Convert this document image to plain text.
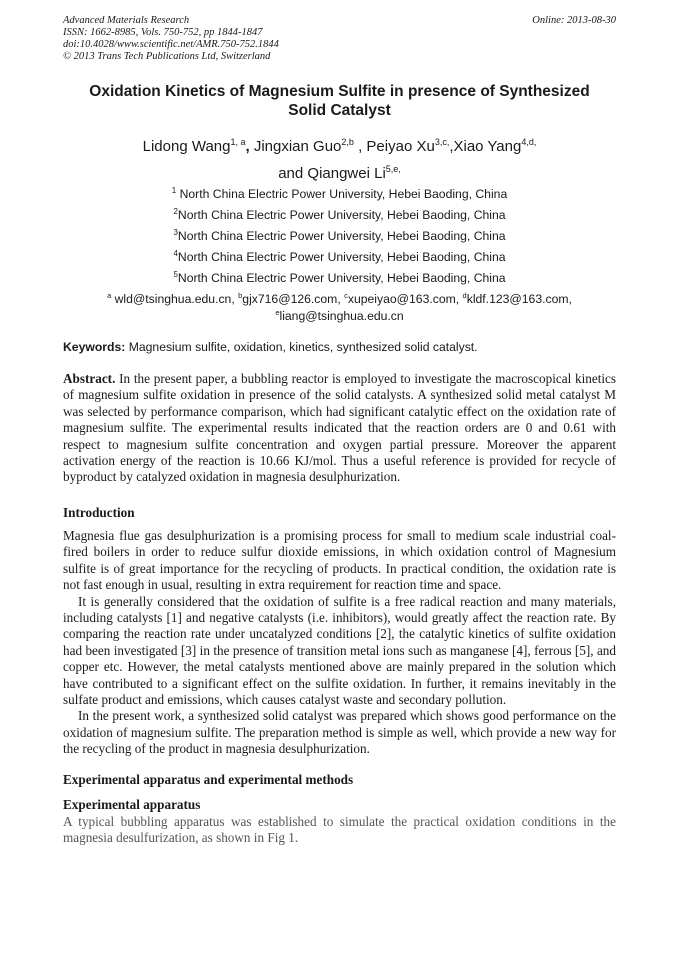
Advanced Materials Research
ISSN: 1662-8985, Vols. 750-752, pp 1844-1847
doi:10.4028/www.scientific.net/AMR.750-752.1844
© 2013 Trans Tech Publications Ltd, Switzerland
Online: 2013-08-30
Oxidation Kinetics of Magnesium Sulfite in presence of Synthesized
Solid Catalyst
Lidong Wang$^{1, a}$, Jingxian Guo$^{2,b}$ , Peiyao $Xu^{3,c,},Xiao$ Yang$^{4,d,}$
and Qiangwei $Li^{5,e,}$
$^1$ North China Electric Power University, Hebei Baoding, China
$^2$North China Electric Power University, Hebei Baoding, China
$^3$North China Electric Power University, Hebei Baoding, China
$^4$North China Electric Power University, Hebei Baoding, China
$^5$North China Electric Power University, Hebei Baoding, China
$^a$ wld@tsinghua.edu.cn, $^b$gjx716@126.com, $^c$xupeiyao@163.com, $^d$kldf.123@163.com,
$^e$liang@tsinghua.edu.cn
Keywords: Magnesium sulfite, oxidation, kinetics, synthesized solid catalyst.

Abstract. In the present paper, a bubbling reactor is employed to investigate the macroscopical kinetics of magnesium sulfite oxidation in presence of the solid catalysts. A synthesized solid metal catalyst M was selected by performance comparison, which had significant catalytic effect on the oxidation rate of magnesium sulfite. The experimental results indicated that the reaction orders are 0 and 0.61 with respect to magnesium sulfite concentration and oxygen partial pressure. Moreover the apparent activation energy of the reaction is 10.66 KJ/mol. Thus a useful reference is provided for recycle of byproduct by catalyzed oxidation in magnesia desulphurization.

Introduction

Magnesia flue gas desulphurization is a promising process for small to medium scale industrial coal-fired boilers in order to reduce sulfur dioxide emissions, in which oxidation control of Magnesium sulfite is of great importance for the recycling of products. In practical condition, the oxidation rate is not fast enough in usual, resulting in extra requirement for reaction time and space.

It is generally considered that the oxidation of sulfite is a free radical reaction and many materials, including catalysts [1] and negative catalysts (i.e. inhibitors), would greatly affect the reaction rate. By comparing the reaction rate under uncatalyzed conditions [2], the catalytic kinetics of sulfite oxidation had been investigated [3] in the presence of transition metal ions such as manganese [4], ferrous [5], and copper etc. However, the metal catalysts mentioned above are mainly prepared in the solution which have contributed to a significant effect on the sulfite oxidation. In further, it remains inevitably in the sulfate product and emissions, which causes catalyst waste and secondary pollution.

In the present work, a synthesized solid catalyst was prepared which shows good performance on the oxidation of magnesium sulfite. The preparation method is simple as well, which provide a new way for the recycling of the product in magnesia desulphurization.

Experimental apparatus and experimental methods
Experimental apparatus

A typical bubbling apparatus was established to simulate the practical oxidation conditions in the magnesia desulfurization, as shown in Fig 1.
